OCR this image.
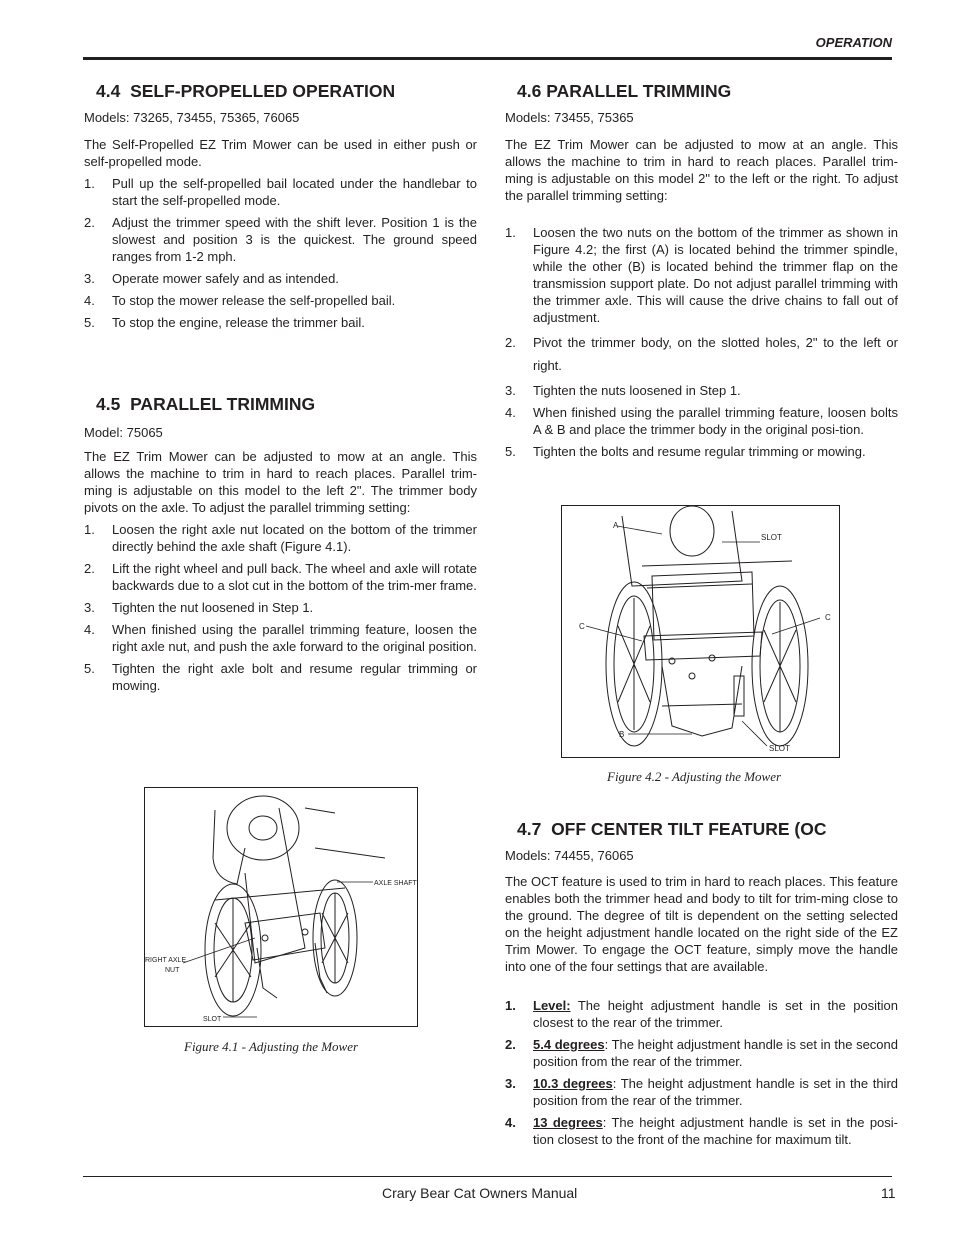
OPERATION
4.4 SELF-PROPELLED OPERATION
Models: 73265, 73455, 75365, 76065
The Self-Propelled EZ Trim Mower can be used in either push or self-propelled mode.
1. Pull up the self-propelled bail located under the handlebar to start the self-propelled mode.
2. Adjust the trimmer speed with the shift lever. Position 1 is the slowest and position 3 is the quickest. The ground speed ranges from 1-2 mph.
3. Operate mower safely and as intended.
4. To stop the mower release the self-propelled bail.
5. To stop the engine, release the trimmer bail.
4.5 PARALLEL TRIMMING
Model: 75065
The EZ Trim Mower can be adjusted to mow at an angle. This allows the machine to trim in hard to reach places. Parallel trim-ming is adjustable on this model to the left 2". The trimmer body pivots on the axle. To adjust the parallel trimming setting:
1. Loosen the right axle nut located on the bottom of the trimmer directly behind the axle shaft (Figure 4.1).
2. Lift the right wheel and pull back. The wheel and axle will rotate backwards due to a slot cut in the bottom of the trim-mer frame.
3. Tighten the nut loosened in Step 1.
4. When finished using the parallel trimming feature, loosen the right axle nut, and push the axle forward to the original position.
5. Tighten the right axle bolt and resume regular trimming or mowing.
AXLE SHAFT
RIGHT AXLE
NUT
SLOT
Figure 4.1 - Adjusting the Mower
4.6 PARALLEL TRIMMING
Models: 73455, 75365
The EZ Trim Mower can be adjusted to mow at an angle. This allows the machine to trim in hard to reach places. Parallel trim-ming is adjustable on this model 2" to the left or the right. To adjust the parallel trimming setting:
1. Loosen the two nuts on the bottom of the trimmer as shown in Figure 4.2; the first (A) is located behind the trimmer spindle, while the other (B) is located behind the trimmer flap on the transmission support plate. Do not adjust parallel trimming with the trimmer axle. This will cause the drive chains to fall out of adjustment.
2. Pivot the trimmer body, on the slotted holes, 2" to the left or right.
3. Tighten the nuts loosened in Step 1.
4. When finished using the parallel trimming feature, loosen bolts A & B and place the trimmer body in the original posi-tion.
5. Tighten the bolts and resume regular trimming or mowing.
A
SLOT
C
C
B
SLOT
Figure 4.2 - Adjusting the Mower
4.7 OFF CENTER TILT FEATURE (OC
Models: 74455, 76065
The OCT feature is used to trim in hard to reach places. This feature enables both the trimmer head and body to tilt for trim-ming close to the ground. The degree of tilt is dependent on the setting selected on the height adjustment handle located on the right side of the EZ Trim Mower. To engage the OCT feature, simply move the handle into one of the four settings that are available.
1. Level: The height adjustment handle is set in the position closest to the rear of the trimmer.
2. 5.4 degrees: The height adjustment handle is set in the second position from the rear of the trimmer.
3. 10.3 degrees: The height adjustment handle is set in the third position from the rear of the trimmer.
4. 13 degrees: The height adjustment handle is set in the posi-tion closest to the front of the machine for maximum tilt.
Crary Bear Cat Owners Manual	11
